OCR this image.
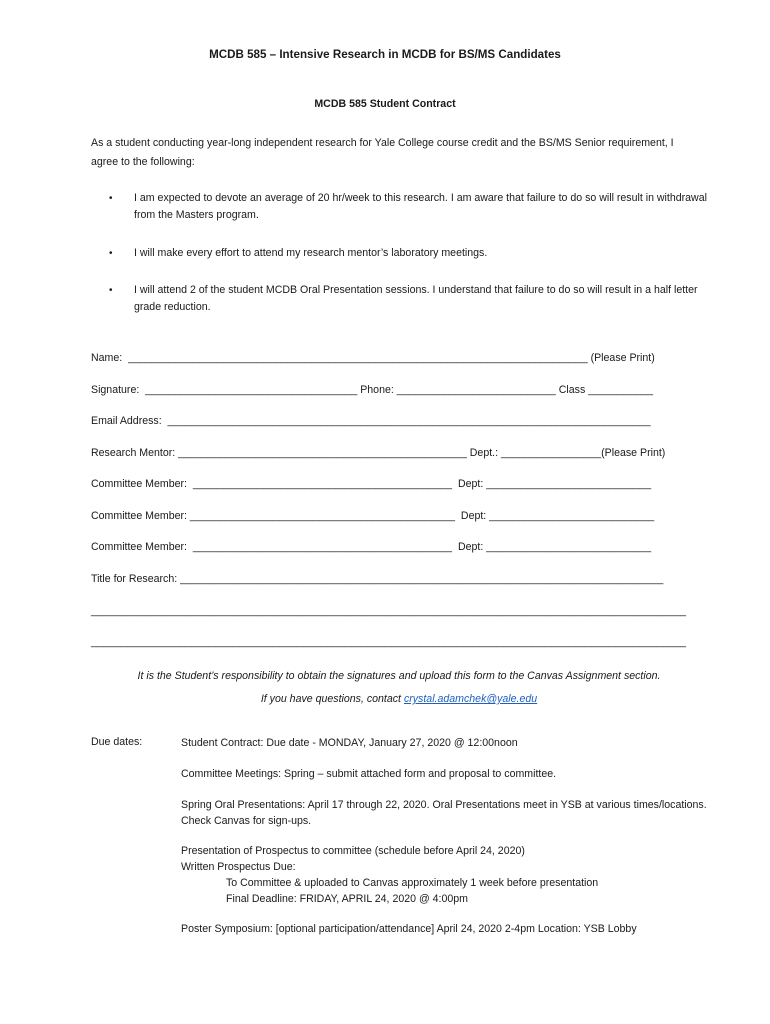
MCDB 585 – Intensive Research in MCDB for BS/MS Candidates
MCDB 585 Student Contract
As a student conducting year-long independent research for Yale College course credit and the BS/MS Senior requirement, I agree to the following:
• I am expected to devote an average of 20 hr/week to this research. I am aware that failure to do so will result in withdrawal from the Masters program.
• I will make every effort to attend my research mentor’s laboratory meetings.
• I will attend 2 of the student MCDB Oral Presentation sessions. I understand that failure to do so will result in a half letter grade reduction.
Name:  ______________________________________________________________________________ (Please Print)
Signature:  ____________________________________ Phone: ___________________________ Class ___________
Email Address:  __________________________________________________________________________________
Research Mentor: _________________________________________________ Dept.: _________________(Please Print)
Committee Member:  ____________________________________________  Dept: ____________________________
Committee Member: _____________________________________________  Dept: ____________________________
Committee Member:  ____________________________________________  Dept: ____________________________
Title for Research: __________________________________________________________________________________
_____________________________________________________________________________________________________
_____________________________________________________________________________________________________
It is the Student’s responsibility to obtain the signatures and upload this form to the Canvas Assignment section.
If you have questions, contact crystal.adamchek@yale.edu
Due dates:	Student Contract: Due date - MONDAY, January 27, 2020 @ 12:00noon
Committee Meetings: Spring – submit attached form and proposal to committee.
Spring Oral Presentations: April 17 through 22, 2020. Oral Presentations meet in YSB at various times/locations. Check Canvas for sign-ups.
Presentation of Prospectus to committee (schedule before April 24, 2020)
Written Prospectus Due:
To Committee & uploaded to Canvas approximately 1 week before presentation
Final Deadline: FRIDAY, APRIL 24, 2020 @ 4:00pm
Poster Symposium: [optional participation/attendance] April 24, 2020 2-4pm Location: YSB Lobby
